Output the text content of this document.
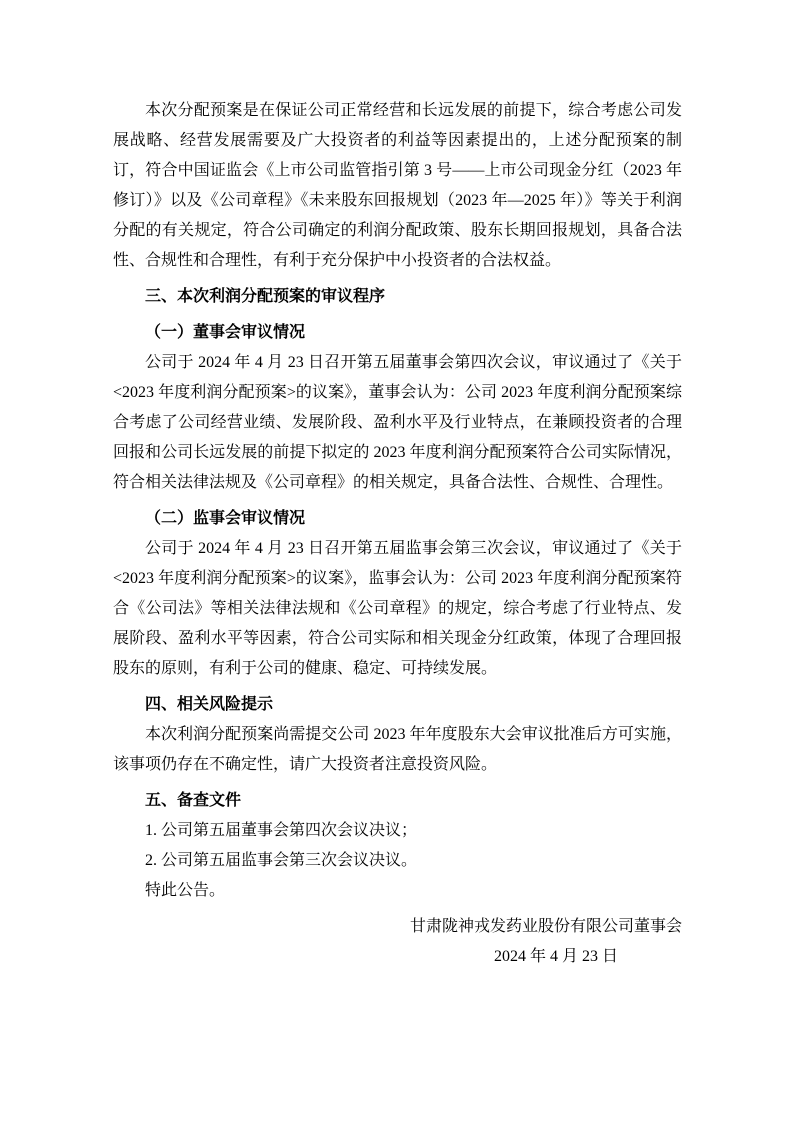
本次分配预案是在保证公司正常经营和长远发展的前提下，综合考虑公司发展战略、经营发展需要及广大投资者的利益等因素提出的，上述分配预案的制订，符合中国证监会《上市公司监管指引第 3 号——上市公司现金分红（2023 年修订）》以及《公司章程》《未来股东回报规划（2023 年—2025 年）》等关于利润分配的有关规定，符合公司确定的利润分配政策、股东长期回报规划，具备合法性、合规性和合理性，有利于充分保护中小投资者的合法权益。

三、本次利润分配预案的审议程序

（一）董事会审议情况

公司于 2024 年 4 月 23 日召开第五届董事会第四次会议，审议通过了《关于<2023 年度利润分配预案>的议案》，董事会认为：公司 2023 年度利润分配预案综合考虑了公司经营业绩、发展阶段、盈利水平及行业特点，在兼顾投资者的合理回报和公司长远发展的前提下拟定的 2023 年度利润分配预案符合公司实际情况，符合相关法律法规及《公司章程》的相关规定，具备合法性、合规性、合理性。

（二）监事会审议情况

公司于 2024 年 4 月 23 日召开第五届监事会第三次会议，审议通过了《关于<2023 年度利润分配预案>的议案》，监事会认为：公司 2023 年度利润分配预案符合《公司法》等相关法律法规和《公司章程》的规定，综合考虑了行业特点、发展阶段、盈利水平等因素，符合公司实际和相关现金分红政策，体现了合理回报股东的原则，有利于公司的健康、稳定、可持续发展。

四、相关风险提示

本次利润分配预案尚需提交公司 2023 年年度股东大会审议批准后方可实施，该事项仍存在不确定性，请广大投资者注意投资风险。

五、备查文件

1. 公司第五届董事会第四次会议决议；

2. 公司第五届监事会第三次会议决议。

特此公告。

甘肃陇神戎发药业股份有限公司董事会

2024 年 4 月 23 日
